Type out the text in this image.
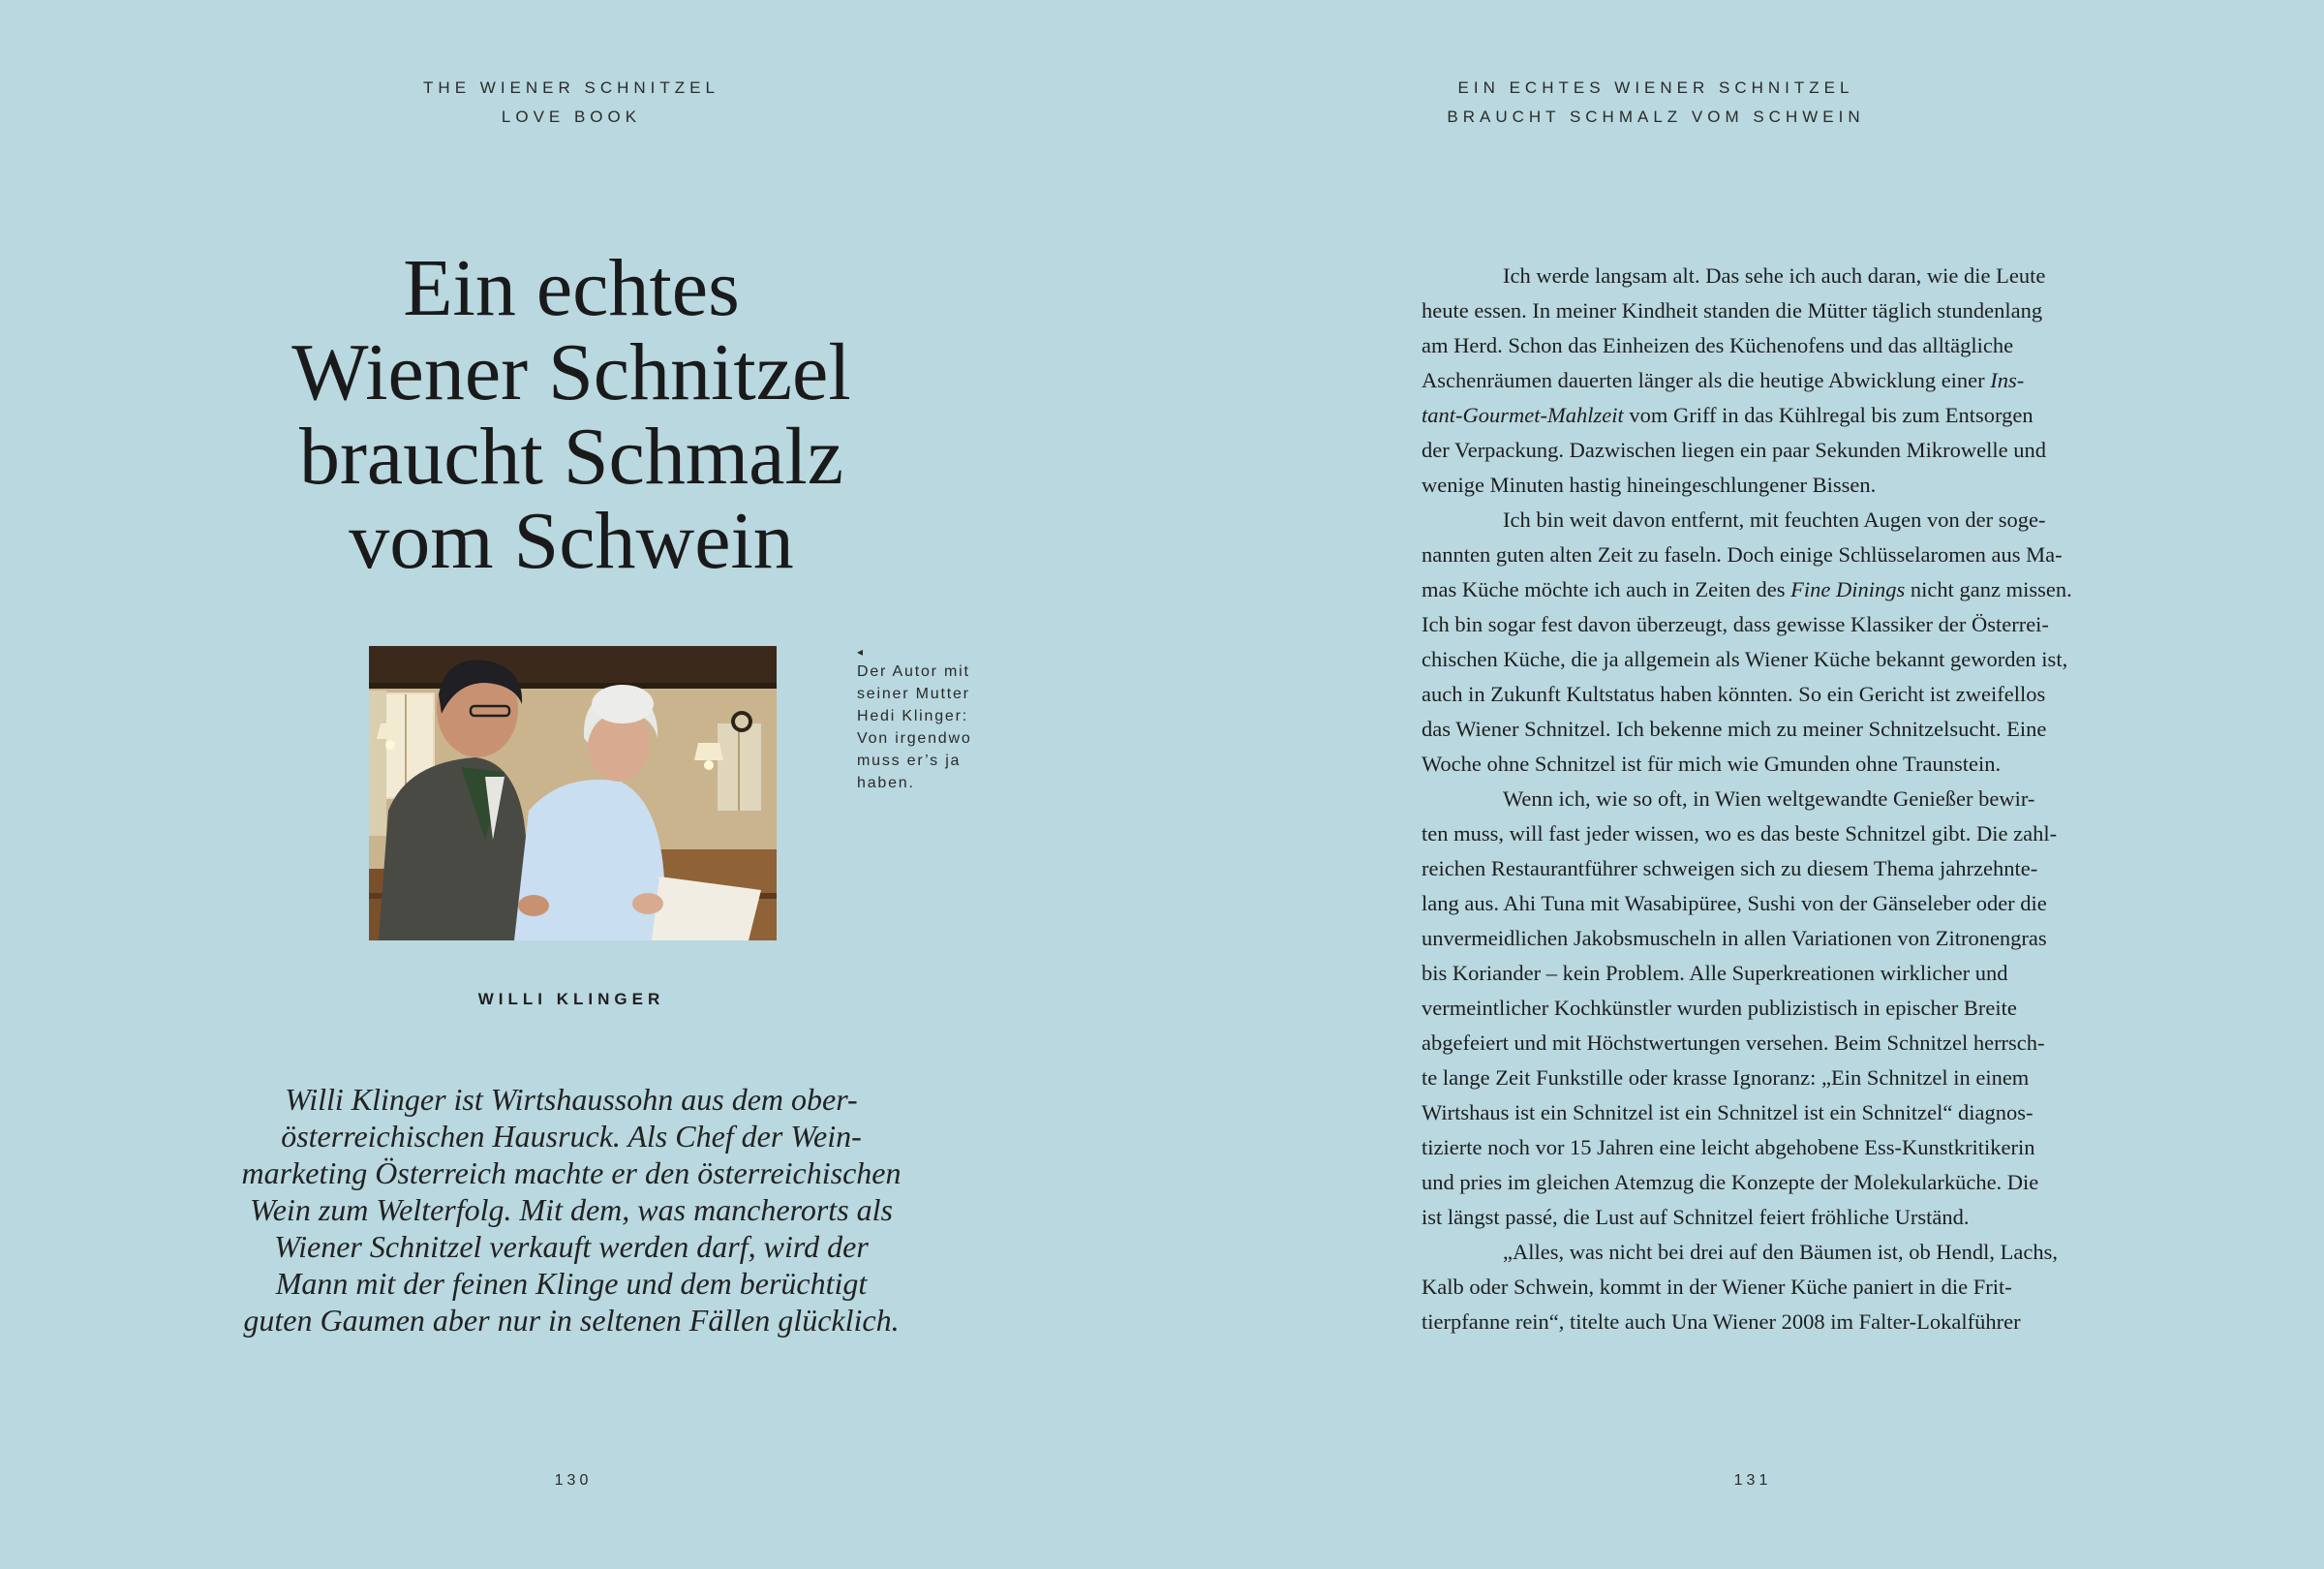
THE WIENER SCHNITZEL
LOVE BOOK
Ein echtes
Wiener Schnitzel
braucht Schmalz
vom Schwein
◂
Der Autor mit
seiner Mutter
Hedi Klinger:
Von irgendwo
muss er’s ja
haben.
WILLI KLINGER
Willi Klinger ist Wirtshaussohn aus dem ober-
österreichischen Hausruck. Als Chef der Wein-
marketing Österreich machte er den österreichischen
Wein zum Welterfolg. Mit dem, was mancherorts als
Wiener Schnitzel verkauft werden darf, wird der
Mann mit der feinen Klinge und dem berüchtigt
guten Gaumen aber nur in seltenen Fällen glücklich.
130
EIN ECHTES WIENER SCHNITZEL
BRAUCHT SCHMALZ VOM SCHWEIN
Ich werde langsam alt. Das sehe ich auch daran, wie die Leute
heute essen. In meiner Kindheit standen die Mütter täglich stundenlang
am Herd. Schon das Einheizen des Küchenofens und das alltägliche
Aschenräumen dauerten länger als die heutige Abwicklung einer Ins-
tant-Gourmet-Mahlzeit vom Griff in das Kühlregal bis zum Entsorgen
der Verpackung. Dazwischen liegen ein paar Sekunden Mikrowelle und
wenige Minuten hastig hineingeschlungener Bissen.
Ich bin weit davon entfernt, mit feuchten Augen von der soge-
nannten guten alten Zeit zu faseln. Doch einige Schlüsselaromen aus Ma-
mas Küche möchte ich auch in Zeiten des Fine Dinings nicht ganz missen.
Ich bin sogar fest davon überzeugt, dass gewisse Klassiker der Österrei-
chischen Küche, die ja allgemein als Wiener Küche bekannt geworden ist,
auch in Zukunft Kultstatus haben könnten. So ein Gericht ist zweifellos
das Wiener Schnitzel. Ich bekenne mich zu meiner Schnitzelsucht. Eine
Woche ohne Schnitzel ist für mich wie Gmunden ohne Traunstein.
Wenn ich, wie so oft, in Wien weltgewandte Genießer bewir-
ten muss, will fast jeder wissen, wo es das beste Schnitzel gibt. Die zahl-
reichen Restaurantführer schweigen sich zu diesem Thema jahrzehnte-
lang aus. Ahi Tuna mit Wasabipüree, Sushi von der Gänseleber oder die
unvermeidlichen Jakobsmuscheln in allen Variationen von Zitronengras
bis Koriander – kein Problem. Alle Superkreationen wirklicher und
vermeintlicher Kochkünstler wurden publizistisch in epischer Breite
abgefeiert und mit Höchstwertungen versehen. Beim Schnitzel herrsch-
te lange Zeit Funkstille oder krasse Ignoranz: „Ein Schnitzel in einem
Wirtshaus ist ein Schnitzel ist ein Schnitzel ist ein Schnitzel“ diagnos-
tizierte noch vor 15 Jahren eine leicht abgehobene Ess-Kunstkritikerin
und pries im gleichen Atemzug die Konzepte der Molekularküche. Die
ist längst passé, die Lust auf Schnitzel feiert fröhliche Urständ.
„Alles, was nicht bei drei auf den Bäumen ist, ob Hendl, Lachs,
Kalb oder Schwein, kommt in der Wiener Küche paniert in die Frit-
tierpfanne rein“, titelte auch Una Wiener 2008 im Falter-Lokalführer
131
